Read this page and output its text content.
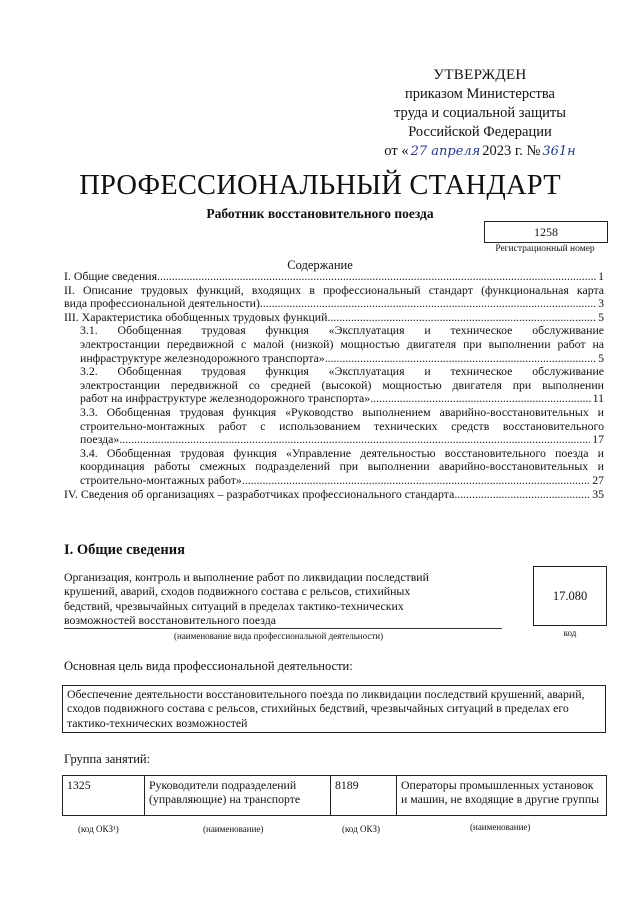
УТВЕРЖДЕН
приказом Министерства
труда и социальной защиты
Российской Федерации
от « 27 апреля 2023 г. № 361н
ПРОФЕССИОНАЛЬНЫЙ СТАНДАРТ
Работник восстановительного поезда
1258
Регистрационный номер
Содержание
I. Общие сведения .....	1
II. Описание трудовых функций, входящих в профессиональный стандарт (функциональная карта
вида профессиональной деятельности) .....	3
III. Характеристика обобщенных трудовых функций .....	5
3.1. Обобщенная трудовая функция «Эксплуатация и техническое обслуживание
электростанции передвижной с малой (низкой) мощностью двигателя при выполнении работ на
инфраструктуре железнодорожного транспорта» .....	5
3.2. Обобщенная трудовая функция «Эксплуатация и техническое обслуживание
электростанции передвижной со средней (высокой) мощностью двигателя при выполнении
работ на инфраструктуре железнодорожного транспорта» .....	11
3.3. Обобщенная трудовая функция «Руководство выполнением аварийно-восстановительных и
строительно-монтажных работ с использованием технических средств восстановительного
поезда» .....	17
3.4. Обобщенная трудовая функция «Управление деятельностью восстановительного поезда и
координация работы смежных подразделений при выполнении аварийно-восстановительных и
строительно-монтажных работ» .....	27
IV. Сведения об организациях – разработчиках профессионального стандарта .....	35
I. Общие сведения
Организация, контроль и выполнение работ по ликвидации последствий
крушений, аварий, сходов подвижного состава с рельсов, стихийных
бедствий, чрезвычайных ситуаций в пределах тактико-технических
возможностей восстановительного поезда
(наименование вида профессиональной деятельности)
17.080
код
Основная цель вида профессиональной деятельности:
Обеспечение деятельности восстановительного поезда по ликвидации последствий крушений, аварий, сходов подвижного состава с рельсов, стихийных бедствий, чрезвычайных ситуаций в пределах его тактико-технических возможностей
Группа занятий:
1325	Руководители подразделений (управляющие) на транспорте	8189	Операторы промышленных установок и машин, не входящие в другие группы
(код ОКЗ¹)	(наименование)	(код ОКЗ)	(наименование)
